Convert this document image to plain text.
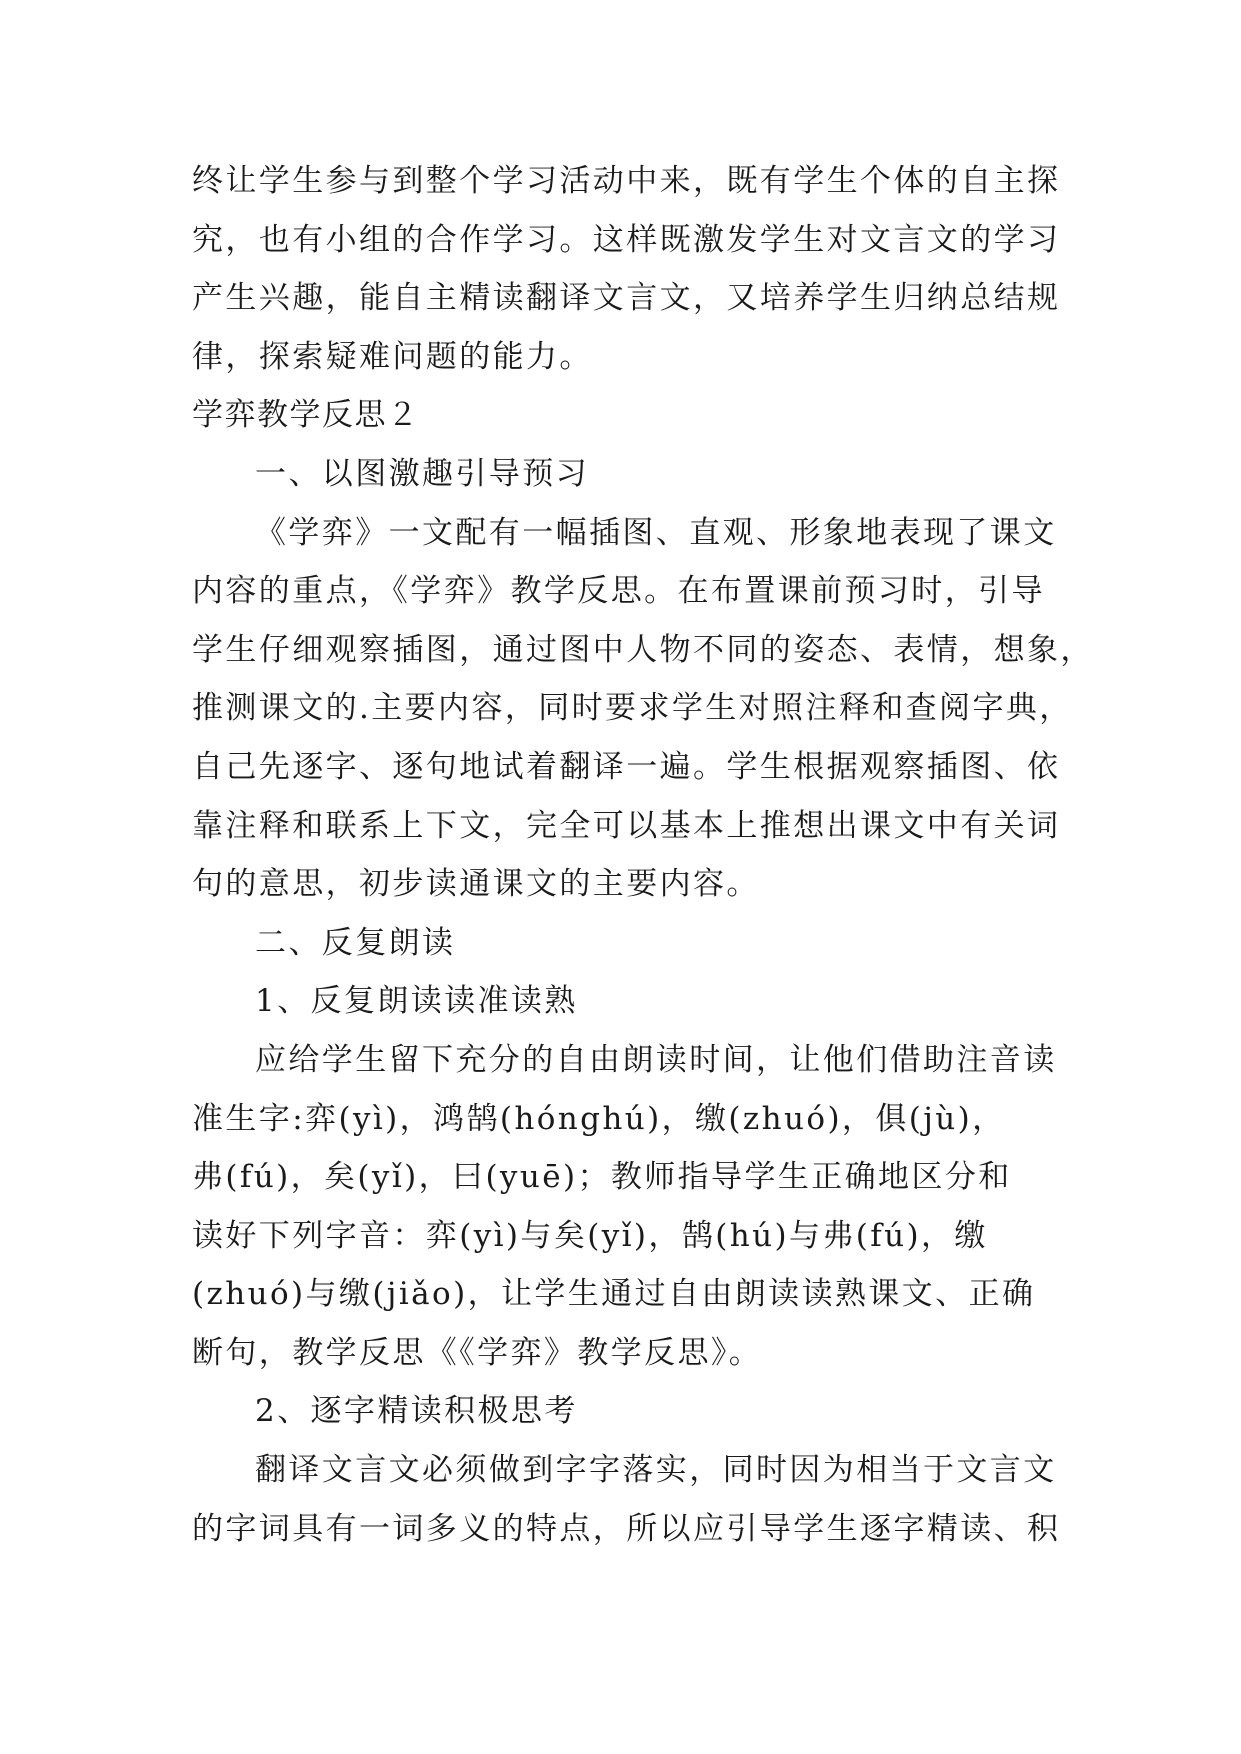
终让学生参与到整个学习活动中来，既有学生个体的自主探
究，也有小组的合作学习。这样既激发学生对文言文的学习
产生兴趣，能自主精读翻译文言文，又培养学生归纳总结规
律，探索疑难问题的能力。
学弈教学反思２
一、以图激趣引导预习
《学弈》一文配有一幅插图、直观、形象地表现了课文
内容的重点，《学弈》教学反思。在布置课前预习时，引导
学生仔细观察插图，通过图中人物不同的姿态、表情，想象，
推测课文的.主要内容，同时要求学生对照注释和查阅字典，
自己先逐字、逐句地试着翻译一遍。学生根据观察插图、依
靠注释和联系上下文，完全可以基本上推想出课文中有关词
句的意思，初步读通课文的主要内容。
二、反复朗读
1、反复朗读读准读熟
应给学生留下充分的自由朗读时间，让他们借助注音读
准生字:弈(yì)，鸿鹄(hónghú)，缴(zhuó)，俱(jù)，
弗(fú)，矣(yǐ)，曰(yuē)；教师指导学生正确地区分和
读好下列字音：弈(yì)与矣(yǐ)，鹄(hú)与弗(fú)，缴
(zhuó)与缴(jiǎo)，让学生通过自由朗读读熟课文、正确
断句，教学反思《《学弈》教学反思》。
2、逐字精读积极思考
翻译文言文必须做到字字落实，同时因为相当于文言文
的字词具有一词多义的特点，所以应引导学生逐字精读、积
